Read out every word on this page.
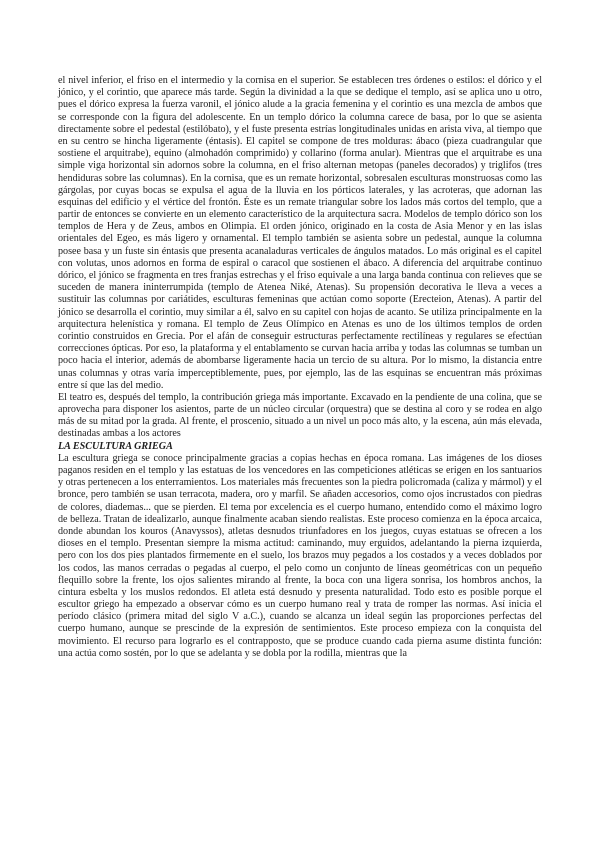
el nivel inferior, el friso en el intermedio y la cornisa en el superior. Se establecen tres órdenes o estilos: el dórico y el jónico, y el corintio, que aparece más tarde. Según la divinidad a la que se dedique el templo, así se aplica uno u otro, pues el dórico expresa la fuerza varonil, el jónico alude a la gracia femenina y el corintio es una mezcla de ambos que se corresponde con la figura del adolescente. En un templo dórico la columna carece de basa, por lo que se asienta directamente sobre el pedestal (estilóbato), y el fuste presenta estrías longitudinales unidas en arista viva, al tiempo que en su centro se hincha ligeramente (éntasis). El capitel se compone de tres molduras: ábaco (pieza cuadrangular que sostiene el arquitrabe), equino (almohadón comprimido) y collarino (forma anular). Mientras que el arquitrabe es una simple viga horizontal sin adornos sobre la columna, en el friso alternan metopas (paneles decorados) y triglifos (tres hendiduras sobre las columnas). En la cornisa, que es un remate horizontal, sobresalen esculturas monstruosas como las gárgolas, por cuyas bocas se expulsa el agua de la lluvia en los pórticos laterales, y las acroteras, que adornan las esquinas del edificio y el vértice del frontón. Éste es un remate triangular sobre los lados más cortos del templo, que a partir de entonces se convierte en un elemento característico de la arquitectura sacra. Modelos de templo dórico son los templos de Hera y de Zeus, ambos en Olimpia. El orden jónico, originado en la costa de Asia Menor y en las islas orientales del Egeo, es más ligero y ornamental. El templo también se asienta sobre un pedestal, aunque la columna posee basa y un fuste sin éntasis que presenta acanaladuras verticales de ángulos matados. Lo más original es el capitel con volutas, unos adornos en forma de espiral o caracol que sostienen el ábaco. A diferencia del arquitrabe continuo dórico, el jónico se fragmenta en tres franjas estrechas y el friso equivale a una larga banda continua con relieves que se suceden de manera ininterrumpida (templo de Atenea Niké, Atenas). Su propensión decorativa le lleva a veces a sustituir las columnas por cariátides, esculturas femeninas que actúan como soporte (Erecteion, Atenas). A partir del jónico se desarrolla el corintio, muy similar a él, salvo en su capitel con hojas de acanto. Se utiliza principalmente en la arquitectura helenística y romana. El templo de Zeus Olímpico en Atenas es uno de los últimos templos de orden corintio construidos en Grecia. Por el afán de conseguir estructuras perfectamente rectilíneas y regulares se efectúan correcciones ópticas. Por eso, la plataforma y el entablamento se curvan hacia arriba y todas las columnas se tumban un poco hacia el interior, además de abombarse ligeramente hacia un tercio de su altura. Por lo mismo, la distancia entre unas columnas y otras varía imperceptiblemente, pues, por ejemplo, las de las esquinas se encuentran más próximas entre sí que las del medio.

El teatro es, después del templo, la contribución griega más importante. Excavado en la pendiente de una colina, que se aprovecha para disponer los asientos, parte de un núcleo circular (orquestra) que se destina al coro y se rodea en algo más de su mitad por la grada. Al frente, el proscenio, situado a un nivel un poco más alto, y la escena, aún más elevada, destinadas ambas a los actores

LA ESCULTURA GRIEGA

La escultura griega se conoce principalmente gracias a copias hechas en época romana. Las imágenes de los dioses paganos residen en el templo y las estatuas de los vencedores en las competiciones atléticas se erigen en los santuarios y otras pertenecen a los enterramientos. Los materiales más frecuentes son la piedra policromada (caliza y mármol) y el bronce, pero también se usan terracota, madera, oro y marfil. Se añaden accesorios, como ojos incrustados con piedras de colores, diademas... que se pierden. El tema por excelencia es el cuerpo humano, entendido como el máximo logro de belleza. Tratan de idealizarlo, aunque finalmente acaban siendo realistas. Este proceso comienza en la época arcaica, donde abundan los kouros (Anavyssos), atletas desnudos triunfadores en los juegos, cuyas estatuas se ofrecen a los dioses en el templo. Presentan siempre la misma actitud: caminando, muy erguidos, adelantando la pierna izquierda, pero con los dos pies plantados firmemente en el suelo, los brazos muy pegados a los costados y a veces doblados por los codos, las manos cerradas o pegadas al cuerpo, el pelo como un conjunto de líneas geométricas con un pequeño flequillo sobre la frente, los ojos salientes mirando al frente, la boca con una ligera sonrisa, los hombros anchos, la cintura esbelta y los muslos redondos. El atleta está desnudo y presenta naturalidad. Todo esto es posible porque el escultor griego ha empezado a observar cómo es un cuerpo humano real y trata de romper las normas. Así inicia el período clásico (primera mitad del siglo V a.C.), cuando se alcanza un ideal según las proporciones perfectas del cuerpo humano, aunque se prescinde de la expresión de sentimientos. Este proceso empieza con la conquista del movimiento. El recurso para lograrlo es el contrapposto, que se produce cuando cada pierna asume distinta función: una actúa como sostén, por lo que se adelanta y se dobla por la rodilla, mientras que la
